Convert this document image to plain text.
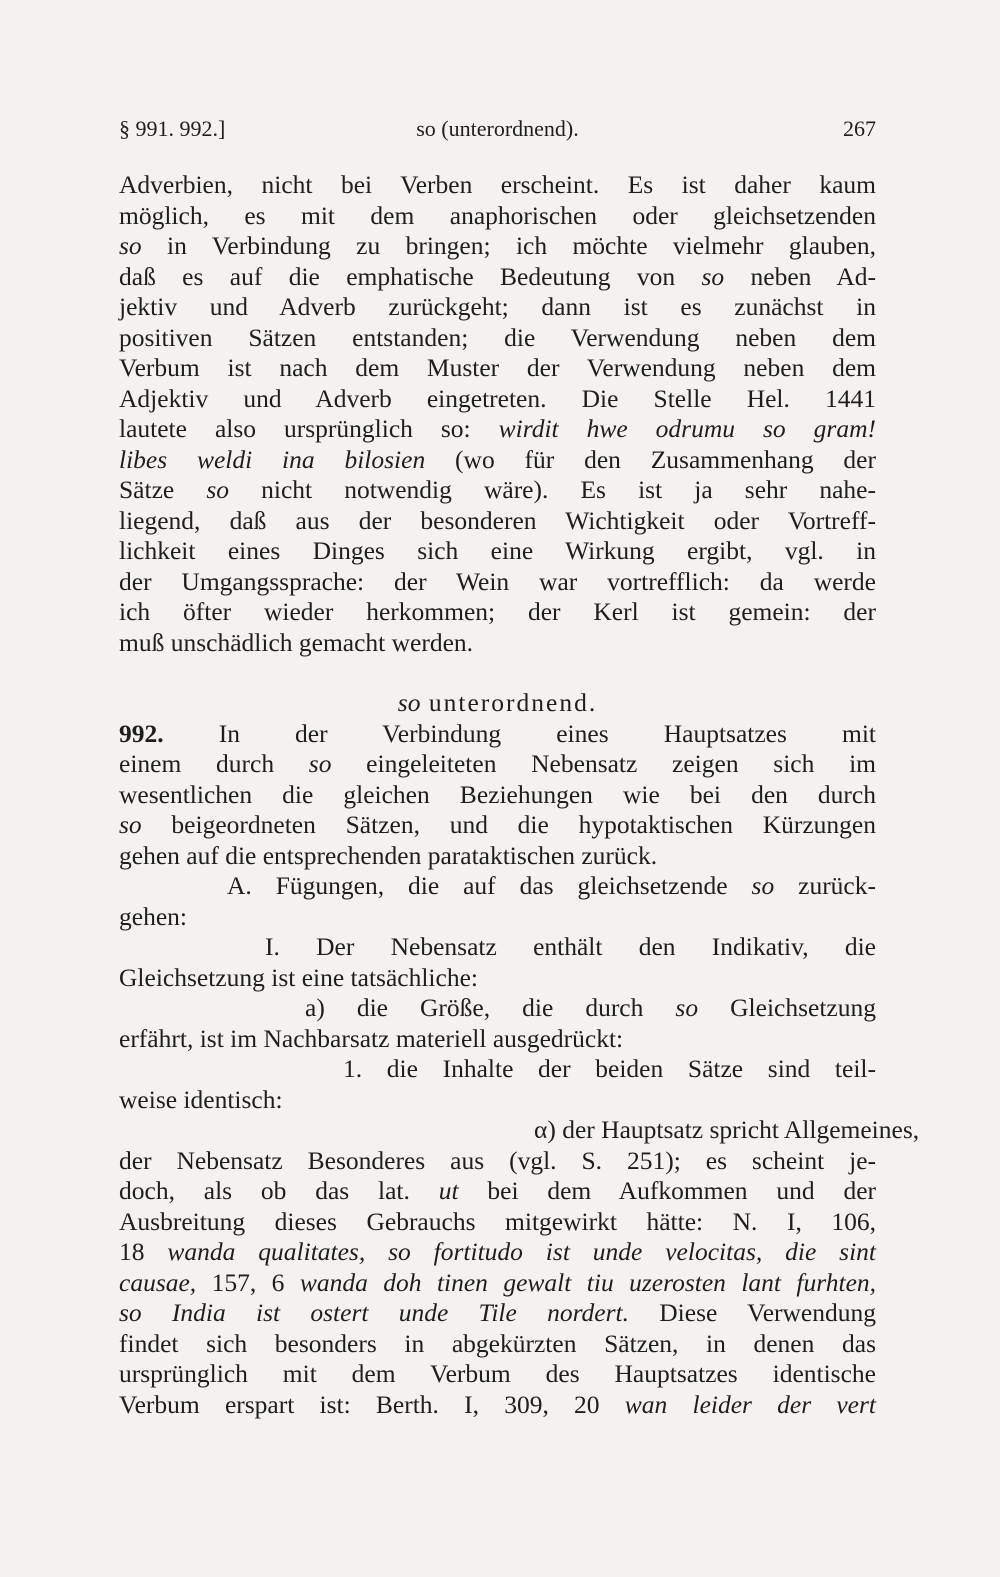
§ 991. 992.]	so (unterordnend).	267
Adverbien, nicht bei Verben erscheint. Es ist daher kaum
möglich, es mit dem anaphorischen oder gleichsetzenden
so in Verbindung zu bringen; ich möchte vielmehr glauben,
daß es auf die emphatische Bedeutung von so neben Ad-
jektiv und Adverb zurückgeht; dann ist es zunächst in
positiven Sätzen entstanden; die Verwendung neben dem
Verbum ist nach dem Muster der Verwendung neben dem
Adjektiv und Adverb eingetreten. Die Stelle Hel. 1441
lautete also ursprünglich so: wirdit hwe odrumu so gram!
libes weldi ina bilosien (wo für den Zusammenhang der
Sätze so nicht notwendig wäre). Es ist ja sehr nahe-
liegend, daß aus der besonderen Wichtigkeit oder Vortreff-
lichkeit eines Dinges sich eine Wirkung ergibt, vgl. in
der Umgangssprache: der Wein war vortrefflich: da werde
ich öfter wieder herkommen; der Kerl ist gemein: der
muß unschädlich gemacht werden.
so unterordnend.
992. In der Verbindung eines Hauptsatzes mit
einem durch so eingeleiteten Nebensatz zeigen sich im
wesentlichen die gleichen Beziehungen wie bei den durch
so beigeordneten Sätzen, und die hypotaktischen Kürzungen
gehen auf die entsprechenden parataktischen zurück.
A. Fügungen, die auf das gleichsetzende so zurück-
gehen:
I. Der Nebensatz enthält den Indikativ, die
Gleichsetzung ist eine tatsächliche:
a) die Größe, die durch so Gleichsetzung
erfährt, ist im Nachbarsatz materiell ausgedrückt:
1. die Inhalte der beiden Sätze sind teil-
weise identisch:
α) der Hauptsatz spricht Allgemeines,
der Nebensatz Besonderes aus (vgl. S. 251); es scheint je-
doch, als ob das lat. ut bei dem Aufkommen und der
Ausbreitung dieses Gebrauchs mitgewirkt hätte: N. I, 106,
18 wanda qualitates, so fortitudo ist unde velocitas, die sint
causae, 157, 6 wanda doh tinen gewalt tiu uzerosten lant furhten,
so India ist ostert unde Tile nordert. Diese Verwendung
findet sich besonders in abgekürzten Sätzen, in denen das
ursprünglich mit dem Verbum des Hauptsatzes identische
Verbum erspart ist: Berth. I, 309, 20 wan leider der vert
